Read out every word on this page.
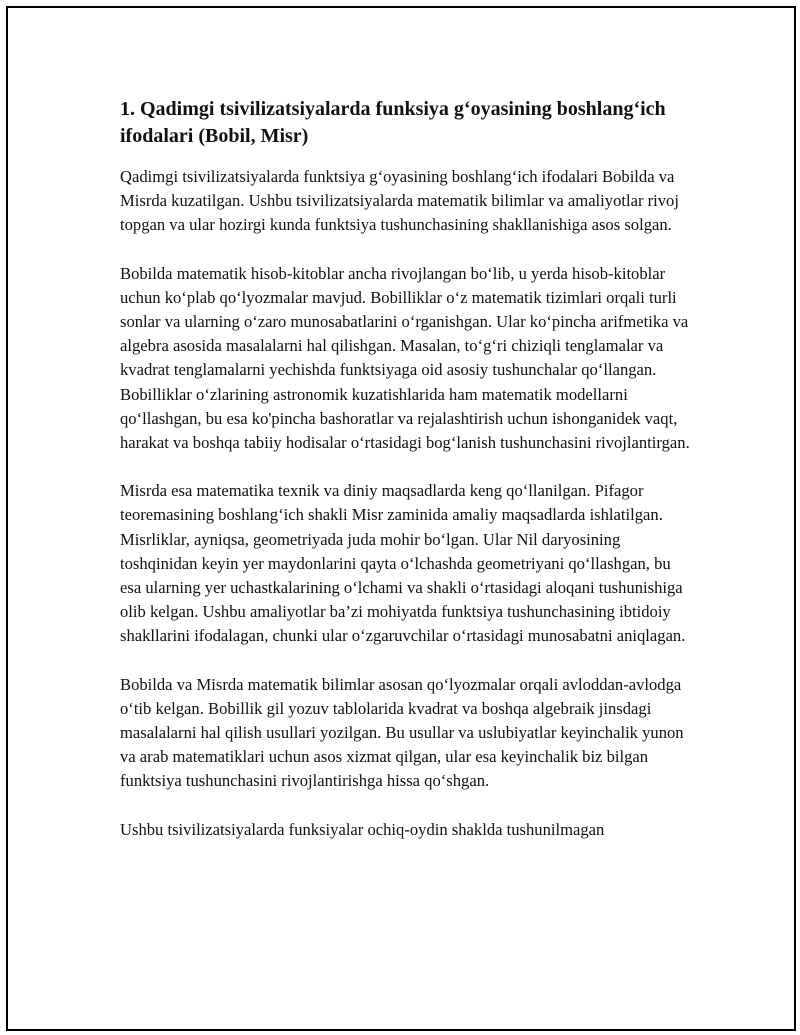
1. Qadimgi tsivilizatsiyalarda funksiya g‘oyasining boshlang‘ich ifodalari (Bobil, Misr)

Qadimgi tsivilizatsiyalarda funktsiya g‘oyasining boshlang‘ich ifodalari Bobilda va Misrda kuzatilgan. Ushbu tsivilizatsiyalarda matematik bilimlar va amaliyotlar rivoj topgan va ular hozirgi kunda funktsiya tushunchasining shakllanishiga asos solgan.

Bobilda matematik hisob-kitoblar ancha rivojlangan bo‘lib, u yerda hisob-kitoblar uchun ko‘plab qo‘lyozmalar mavjud. Bobilliklar o‘z matematik tizimlari orqali turli sonlar va ularning o‘zaro munosabatlarini o‘rganishgan. Ular ko‘pincha arifmetika va algebra asosida masalalarni hal qilishgan. Masalan, to‘g‘ri chiziqli tenglamalar va kvadrat tenglamalarni yechishda funktsiyaga oid asosiy tushunchalar qo‘llangan. Bobilliklar o‘zlarining astronomik kuzatishlarida ham matematik modellarni qo‘llashgan, bu esa ko'pincha bashoratlar va rejalashtirish uchun ishonganidek vaqt, harakat va boshqa tabiiy hodisalar o‘rtasidagi bog‘lanish tushunchasini rivojlantirgan.

Misrda esa matematika texnik va diniy maqsadlarda keng qo‘llanilgan. Pifagor teoremasining boshlang‘ich shakli Misr zaminida amaliy maqsadlarda ishlatilgan. Misrliklar, ayniqsa, geometriyada juda mohir bo‘lgan. Ular Nil daryosining toshqinidan keyin yer maydonlarini qayta o‘lchashda geometriyani qo‘llashgan, bu esa ularning yer uchastkalarining o‘lchami va shakli o‘rtasidagi aloqani tushunishiga olib kelgan. Ushbu amaliyotlar ba’zi mohiyatda funktsiya tushunchasining ibtidoiy shakllarini ifodalagan, chunki ular o‘zgaruvchilar o‘rtasidagi munosabatni aniqlagan.

Bobilda va Misrda matematik bilimlar asosan qo‘lyozmalar orqali avloddan-avlodga o‘tib kelgan. Bobillik gil yozuv tablolarida kvadrat va boshqa algebraik jinsdagi masalalarni hal qilish usullari yozilgan. Bu usullar va uslubiyatlar keyinchalik yunon va arab matematiklari uchun asos xizmat qilgan, ular esa keyinchalik biz bilgan funktsiya tushunchasini rivojlantirishga hissa qo‘shgan.

Ushbu tsivilizatsiyalarda funksiyalar ochiq-oydin shaklda tushunilmagan
